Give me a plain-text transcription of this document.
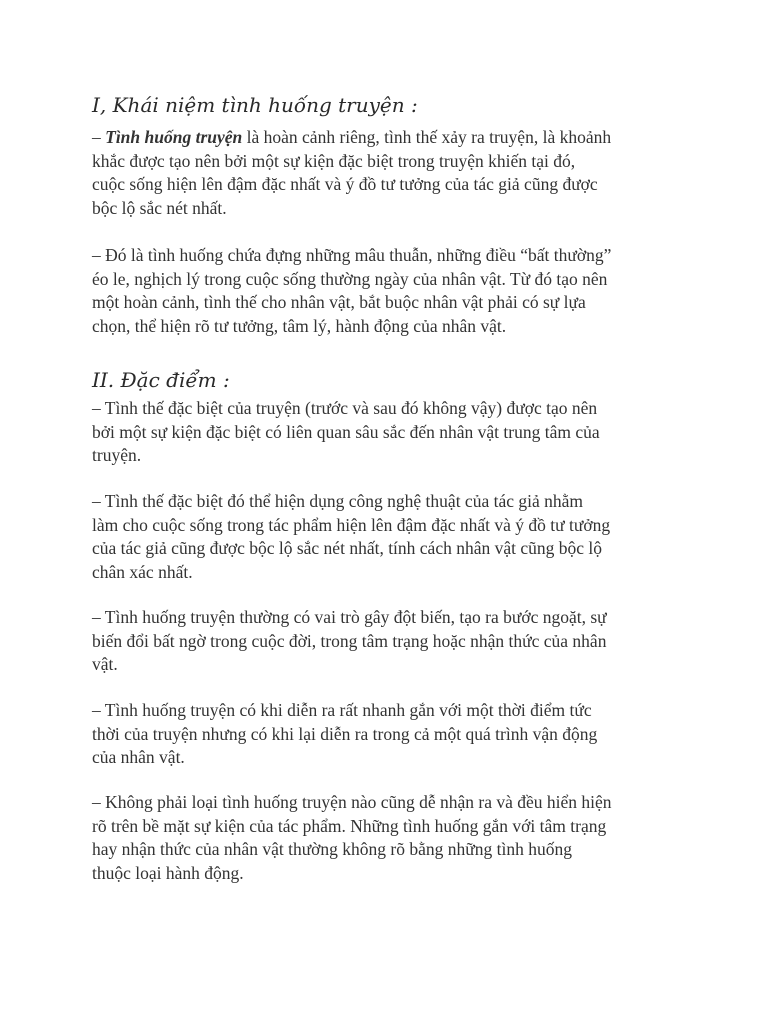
I, Khái niệm tình huống truyện :

– Tình huống truyện là hoàn cảnh riêng, tình thế xảy ra truyện, là khoảnh
khắc được tạo nên bởi một sự kiện đặc biệt trong truyện khiến tại đó,
cuộc sống hiện lên đậm đặc nhất và ý đồ tư tưởng của tác giả cũng được
bộc lộ sắc nét nhất.

– Đó là tình huống chứa đựng những mâu thuẫn, những điều “bất thường”
éo le, nghịch lý trong cuộc sống thường ngày của nhân vật. Từ đó tạo nên
một hoàn cảnh, tình thế cho nhân vật, bắt buộc nhân vật phải có sự lựa
chọn, thể hiện rõ tư tưởng, tâm lý, hành động của nhân vật.

II. Đặc điểm :

– Tình thế đặc biệt của truyện (trước và sau đó không vậy) được tạo nên
bởi một sự kiện đặc biệt có liên quan sâu sắc đến nhân vật trung tâm của
truyện.

– Tình thế đặc biệt đó thể hiện dụng công nghệ thuật của tác giả nhằm
làm cho cuộc sống trong tác phẩm hiện lên đậm đặc nhất và ý đồ tư tưởng
của tác giả cũng được bộc lộ sắc nét nhất, tính cách nhân vật cũng bộc lộ
chân xác nhất.

– Tình huống truyện thường có vai trò gây đột biến, tạo ra bước ngoặt, sự
biến đổi bất ngờ trong cuộc đời, trong tâm trạng hoặc nhận thức của nhân
vật.

– Tình huống truyện có khi diễn ra rất nhanh gắn với một thời điểm tức
thời của truyện nhưng có khi lại diễn ra trong cả một quá trình vận động
của nhân vật.

– Không phải loại tình huống truyện nào cũng dễ nhận ra và đều hiển hiện
rõ trên bề mặt sự kiện của tác phẩm. Những tình huống gắn với tâm trạng
hay nhận thức của nhân vật thường không rõ bằng những tình huống
thuộc loại hành động.
